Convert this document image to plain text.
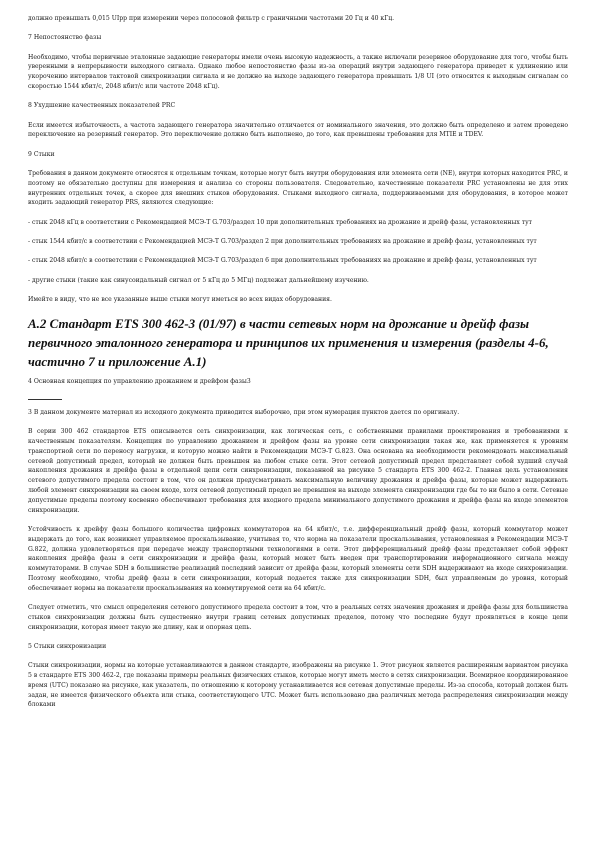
должно превышать 0,015 UIpp при измерении через полосовой фильтр с граничными частотами 20 Гц и 40 кГц.

7 Непостоянство фазы

Необходимо, чтобы первичные эталонные задающие генераторы имели очень высокую надежность, а также включали резервное оборудование для того, чтобы быть уверенными в непрерывности выходного сигнала. Однако любое непостоянство фазы из-за операций внутри задающего генератора приведет к удлинению или укорочению интервалов тактовой синхронизации сигнала и не должно на выходе задающего генератора превышать 1/8 UI (это относится к выходным сигналам со скоростью 1544 кбит/с, 2048 кбит/с или частоте 2048 кГц).

8 Ухудшение качественных показателей PRC

Если имеется избыточность, а частота задающего генератора значительно отличается от номинального значения, это должно быть определено и затем проведено переключение на резервный генератор. Это переключение должно быть выполнено, до того, как превышены требования для MTIE и TDEV.

9 Стыки

Требования в данном документе относятся к отдельным точкам, которые могут быть внутри оборудования или элемента сети (NE), внутри которых находится PRC, и поэтому не обязательно доступны для измерения и анализа со стороны пользователя. Следовательно, качественные показатели PRC установлены не для этих внутренних отдельных точек, а скорее для внешних стыков оборудования. Стыками выходного сигнала, поддерживаемыми для оборудования, в которое может входить задающий генератор PRS, являются следующие:

- стык 2048 кГц в соответствии с Рекомендацией МСЭ-Т G.703/раздел 10 при дополнительных требованиях на дрожание и дрейф фазы, установленных тут

- стык 1544 кбит/с в соответствии с Рекомендацией МСЭ-Т G.703/раздел 2 при дополнительных требованиях на дрожание и дрейф фазы, установленных тут

- стык 2048 кбит/с в соответствии с Рекомендацией МСЭ-Т G.703/раздел 6 при дополнительных требованиях на дрожание и дрейф фазы, установленных тут

- другие стыки (такие как синусоидальный сигнал от 5 кГц до 5 МГц) подлежат дальнейшему изучению.

Имейте в виду, что не все указанные выше стыки могут иметься во всех видах оборудования.

А.2 Стандарт ETS 300 462-3 (01/97) в части сетевых норм на дрожание и дрейф фазы первичного эталонного генератора и принципов их применения и измерения (разделы 4-6, частично 7 и приложение А.1)

4 Основная концепция по управлению дрожанием и дрейфом фазы3

3 В данном документе материал из исходного документа приводится выборочно, при этом нумерация пунктов дается по оригиналу.

В серии 300 462 стандартов ETS описывается сеть синхронизации, как логическая сеть, с собственными правилами проектирования и требованиями к качественным показателям. Концепция по управлению дрожанием и дрейфом фазы на уровне сети синхронизации такая же, как применяется к уровням транспортной сети по переносу нагрузки, и которую можно найти в Рекомендации МСЭ-Т G.823. Она основана на необходимости рекомендовать максимальный сетевой допустимый предел, который не должен быть превышен на любом стыке сети. Этот сетевой допустимый предел представляет собой худший случай накопления дрожания и дрейфа фазы в отдельной цепи сети синхронизации, показанной на рисунке 5 стандарта ETS 300 462-2. Главная цель установления сетевого допустимого предела состоит в том, что он должен предусматривать максимальную величину дрожания и дрейфа фазы, которые может выдерживать любой элемент синхронизации на своем входе, хотя сетевой допустимый предел не превышен на выходе элемента синхронизации где бы то ни было в сети. Сетевые допустимые пределы поэтому косвенно обеспечивают требования для входного предела минимального допустимого дрожания и дрейфа фазы на входе элементов синхронизации.

Устойчивость к дрейфу фазы большого количества цифровых коммутаторов на 64 кбит/с, т.е. дифференциальный дрейф фазы, который коммутатор может выдержать до того, как возникнет управляемое проскальзывание, учитывая то, что норма на показатели проскальзывания, установленная в Рекомендации МСЭ-Т G.822, должна удовлетворяться при передаче между транспортными технологиями в сети. Этот дифференциальный дрейф фазы представляет собой эффект накопления дрейфа фазы в сети синхронизации и дрейфа фазы, который может быть введен при транспортировании информационного сигнала между коммутаторами. В случае SDH в большинстве реализаций последний зависит от дрейфа фазы, который элементы сети SDH выдерживают на входе синхронизации. Поэтому необходимо, чтобы дрейф фазы в сети синхронизации, который подается также для синхронизации SDH, был управляемым до уровня, который обеспечивает нормы на показатели проскальзывания на коммутируемой сети на 64 кбит/с.

Следует отметить, что смысл определения сетевого допустимого предела состоит в том, что в реальных сетях значения дрожания и дрейфа фазы для большинства стыков синхронизации должны быть существенно внутри границ сетевых допустимых пределов, потому что последние будут проявляться в конце цепи синхронизации, которая имеет такую же длину, как и опорная цепь.

5 Стыки синхронизации

Стыки синхронизации, нормы на которые устанавливаются в данном стандарте, изображены на рисунке 1. Этот рисунок является расширенным вариантом рисунка 5 в стандарте ETS 300 462-2, где показаны примеры реальных физических стыков, которые могут иметь место в сетях синхронизации. Всемирное координированное время (UTC) показано на рисунке, как указатель, по отношению к которому устанавливается вся сетевая допустимые пределы. Из-за способа, который должен быть задан, не имеется физического объекта или стыка, соответствующего UTC. Может быть использовано два различных метода распределения синхронизации между блоками
